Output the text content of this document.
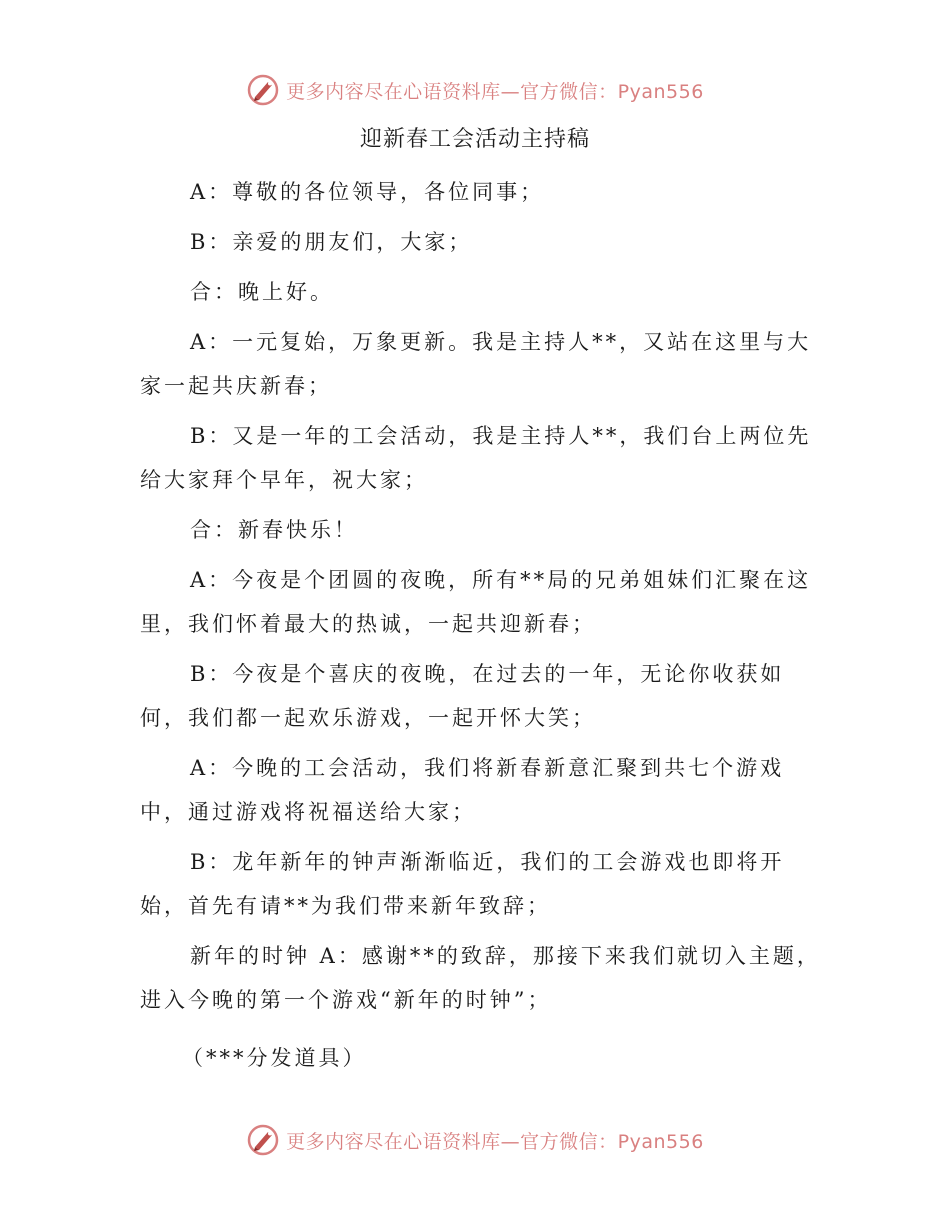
更多内容尽在心语资料库—官方微信：Pyan556
迎新春工会活动主持稿

A：尊敬的各位领导，各位同事；

B：亲爱的朋友们，大家；

合：晚上好。

A：一元复始，万象更新。我是主持人**，又站在这里与大家一起共庆新春；

B：又是一年的工会活动，我是主持人**，我们台上两位先给大家拜个早年，祝大家；

合：新春快乐！

A：今夜是个团圆的夜晚，所有**局的兄弟姐妹们汇聚在这里，我们怀着最大的热诚，一起共迎新春；

B：今夜是个喜庆的夜晚，在过去的一年，无论你收获如何，我们都一起欢乐游戏，一起开怀大笑；

A：今晚的工会活动，我们将新春新意汇聚到共七个游戏中，通过游戏将祝福送给大家；

B：龙年新年的钟声渐渐临近，我们的工会游戏也即将开始，首先有请**为我们带来新年致辞；

新年的时钟 A：感谢**的致辞，那接下来我们就切入主题，进入今晚的第一个游戏“新年的时钟”；

（***分发道具）

更多内容尽在心语资料库—官方微信：Pyan556
